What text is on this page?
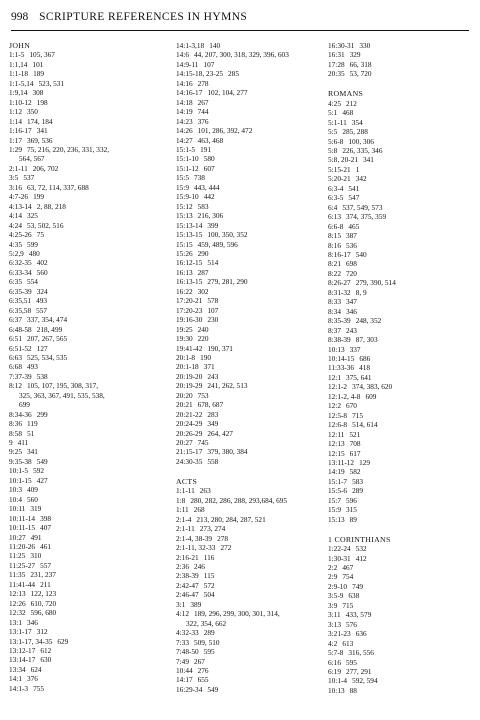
998 SCRIPTURE REFERENCES IN HYMNS
JOHN
1:1-5 105, 367
1:1,14 101
1:1-18 189
1:1-5,14 523, 531
1:9,14 308
1:10-12 198
1:12 350
1:14 174, 184
1:16-17 341
1:17 369, 536
1:29 75, 216, 220, 236, 331, 332,
564, 567
2:1-11 206, 702
3:5 537
3:16 63, 72, 114, 337, 688
4:7-26 199
4:13-14 2, 88, 218
4:14 325
4:24 53, 502, 516
4:25-26 75
4:35 599
5:2,9 480
6:32-35 402
6:33-34 560
6:35 554
6:35-39 324
6:35,51 493
6:35,58 557
6:37 337, 354, 474
6:48-58 218, 499
6:51 207, 267, 565
6:51-52 127
6:63 525, 534, 535
6:68 493
7:37-39 538
8:12 105, 107, 195, 308, 317,
325, 363, 367, 491, 535, 538,
699
8:34-36 299
8:36 119
8:58 51
9 411
9:25 341
9:35-38 549
10:1-5 592
10:1-15 427
10:3 409
10:4 560
10:11 319
10:11-14 398
10:11-15 407
10:27 491
11:20-26 461
11:25 310
11:25-27 557
11:35 231, 237
11:41-44 211
12:13 122, 123
12:26 610, 720
12:32 596, 680
13:1 346
13:1-17 312
13:1-17, 34-35 629
13:12-17 612
13:14-17 630
13:34 624
14:1 376
14:1-3 755
14:1-3,18 140
14:6 44, 207, 300, 318, 329, 396, 603
14:9-11 107
14:15-18, 23-25 285
14:16 278
14:16-17 102, 104, 277
14:18 267
14:19 744
14:23 376
14:26 101, 286, 392, 472
14:27 463, 468
15:1-5 191
15:1-10 580
15:1-12 607
15:5 738
15:9 443, 444
15:9-10 442
15:12 583
15:13 216, 306
15:13-14 399
15:13-15 100, 350, 352
15:15 459, 489, 596
15:26 290
16:12-15 514
16:13 287
16:13-15 279, 281, 290
16:22 302
17:20-21 578
17:20-23 107
19:16-30 230
19:25 240
19:30 220
19:41-42 190, 371
20:1-8 190
20:1-18 371
20:19-20 243
20:19-29 241, 262, 513
20:20 753
20:21 678, 687
20:21-22 283
20:24-29 349
20:26-29 264, 427
20:27 745
21:15-17 379, 380, 384
24:30-35 558
ACTS
1:1-11 263
1:8 280, 282, 286, 288, 293,684, 695
1:11 268
2:1-4 213, 280, 284, 287, 521
2:1-11 273, 274
2:1-4, 38-39 278
2:1-11, 32-33 272
2:16-21 116
2:36 246
2:38-39 115
2:42-47 572
2:46-47 504
3:1 389
4:12 189, 296, 299, 300, 301, 314,
322, 354, 662
4:32-33 289
7:33 509, 510
7:48-50 595
7:49 267
10:44 276
14:17 655
16:29-34 549
16:30-31 330
16:31 329
17:28 66, 318
20:35 53, 720
ROMANS
4:25 212
5:1 468
5:1-11 354
5:5 285, 288
5:6-8 100, 306
5:8 226, 335, 346
5:8, 20-21 341
5:15-21 1
5:20-21 342
6:3-4 541
6:3-5 547
6:4 537, 549, 573
6:13 374, 375, 359
6:6-8 465
8:15 387
8:16 536
8:16-17 540
8:21 698
8:22 720
8:26-27 279, 390, 514
8:31-32 8, 9
8:33 347
8:34 346
8:35-39 248, 352
8:37 243
8:38-39 87, 303
10:13 337
10:14-15 686
11:33-36 418
12:1 375, 641
12:1-2 374, 383, 620
12:1-2, 4-8 609
12:2 670
12:5-8 715
12:6-8 514, 614
12:11 521
12:13 708
12:15 617
13:11-12 129
14:19 582
15:1-7 583
15:5-6 289
15:7 596
15:9 315
15:13 89
1 CORINTHIANS
1:22-24 532
1:30-31 412
2:2 467
2:9 754
2:9-10 749
3:5-9 638
3:9 715
3:11 433, 579
3:13 576
3:21-23 636
4:2 613
5:7-8 316, 556
6:16 595
6:19 277, 291
10:1-4 592, 594
10:13 88
